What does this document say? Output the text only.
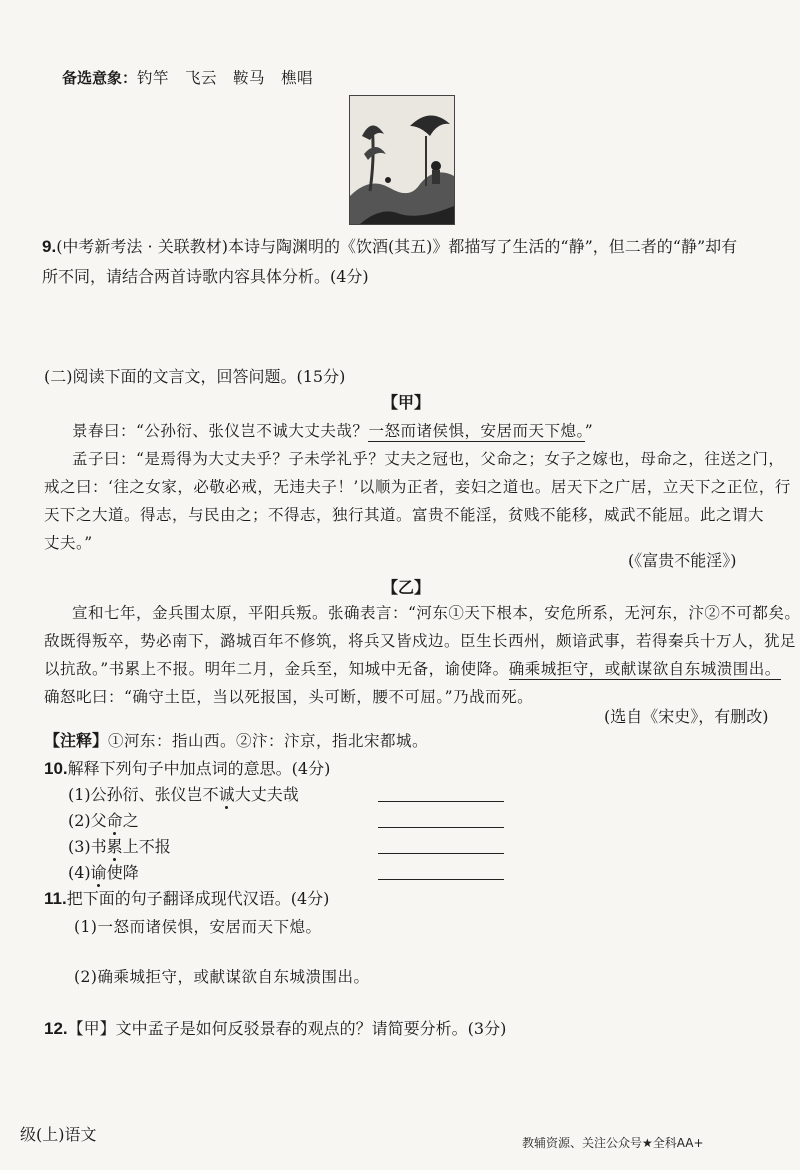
备选意象：钓竿　飞云　鞍马　樵唱
9.(中考新考法 · 关联教材)本诗与陶渊明的《饮酒(其五)》都描写了生活的“静”，但二者的“静”却有
所不同，请结合两首诗歌内容具体分析。(4分)
(二)阅读下面的文言文，回答问题。(15分)
【甲】
景春曰：“公孙衍、张仪岂不诚大丈夫哉？一怒而诸侯惧，安居而天下熄。”
孟子曰：“是焉得为大丈夫乎？子未学礼乎？丈夫之冠也，父命之；女子之嫁也，母命之，往送之门，
戒之曰：‘往之女家，必敬必戒，无违夫子！’以顺为正者，妾妇之道也。居天下之广居，立天下之正位，行
天下之大道。得志，与民由之；不得志，独行其道。富贵不能淫，贫贱不能移，威武不能屈。此之谓大
丈夫。”
(《富贵不能淫》)
【乙】
宣和七年，金兵围太原，平阳兵叛。张确表言：“河东①天下根本，安危所系，无河东，汴②不可都矣。
敌既得叛卒，势必南下，潞城百年不修筑，将兵又皆戍边。臣生长西州，颇谙武事，若得秦兵十万人，犹足
以抗敌。”书累上不报。明年二月，金兵至，知城中无备，谕使降。确乘城拒守，或献谋欲自东城溃围出。
确怒叱曰：“确守土臣，当以死报国，头可断，腰不可屈。”乃战而死。
(选自《宋史》，有删改)
【注释】①河东：指山西。②汴：汴京，指北宋都城。
10.解释下列句子中加点词的意思。(4分)
(1)公孙衍、张仪岂不诚大丈夫哉
(2)父命之
(3)书累上不报
(4)谕使降
11.把下面的句子翻译成现代汉语。(4分)
(1)一怒而诸侯惧，安居而天下熄。
(2)确乘城拒守，或献谋欲自东城溃围出。
12.【甲】文中孟子是如何反驳景春的观点的？请简要分析。(3分)
级(上)语文	教辅资源、关注公众号★全科AA+
